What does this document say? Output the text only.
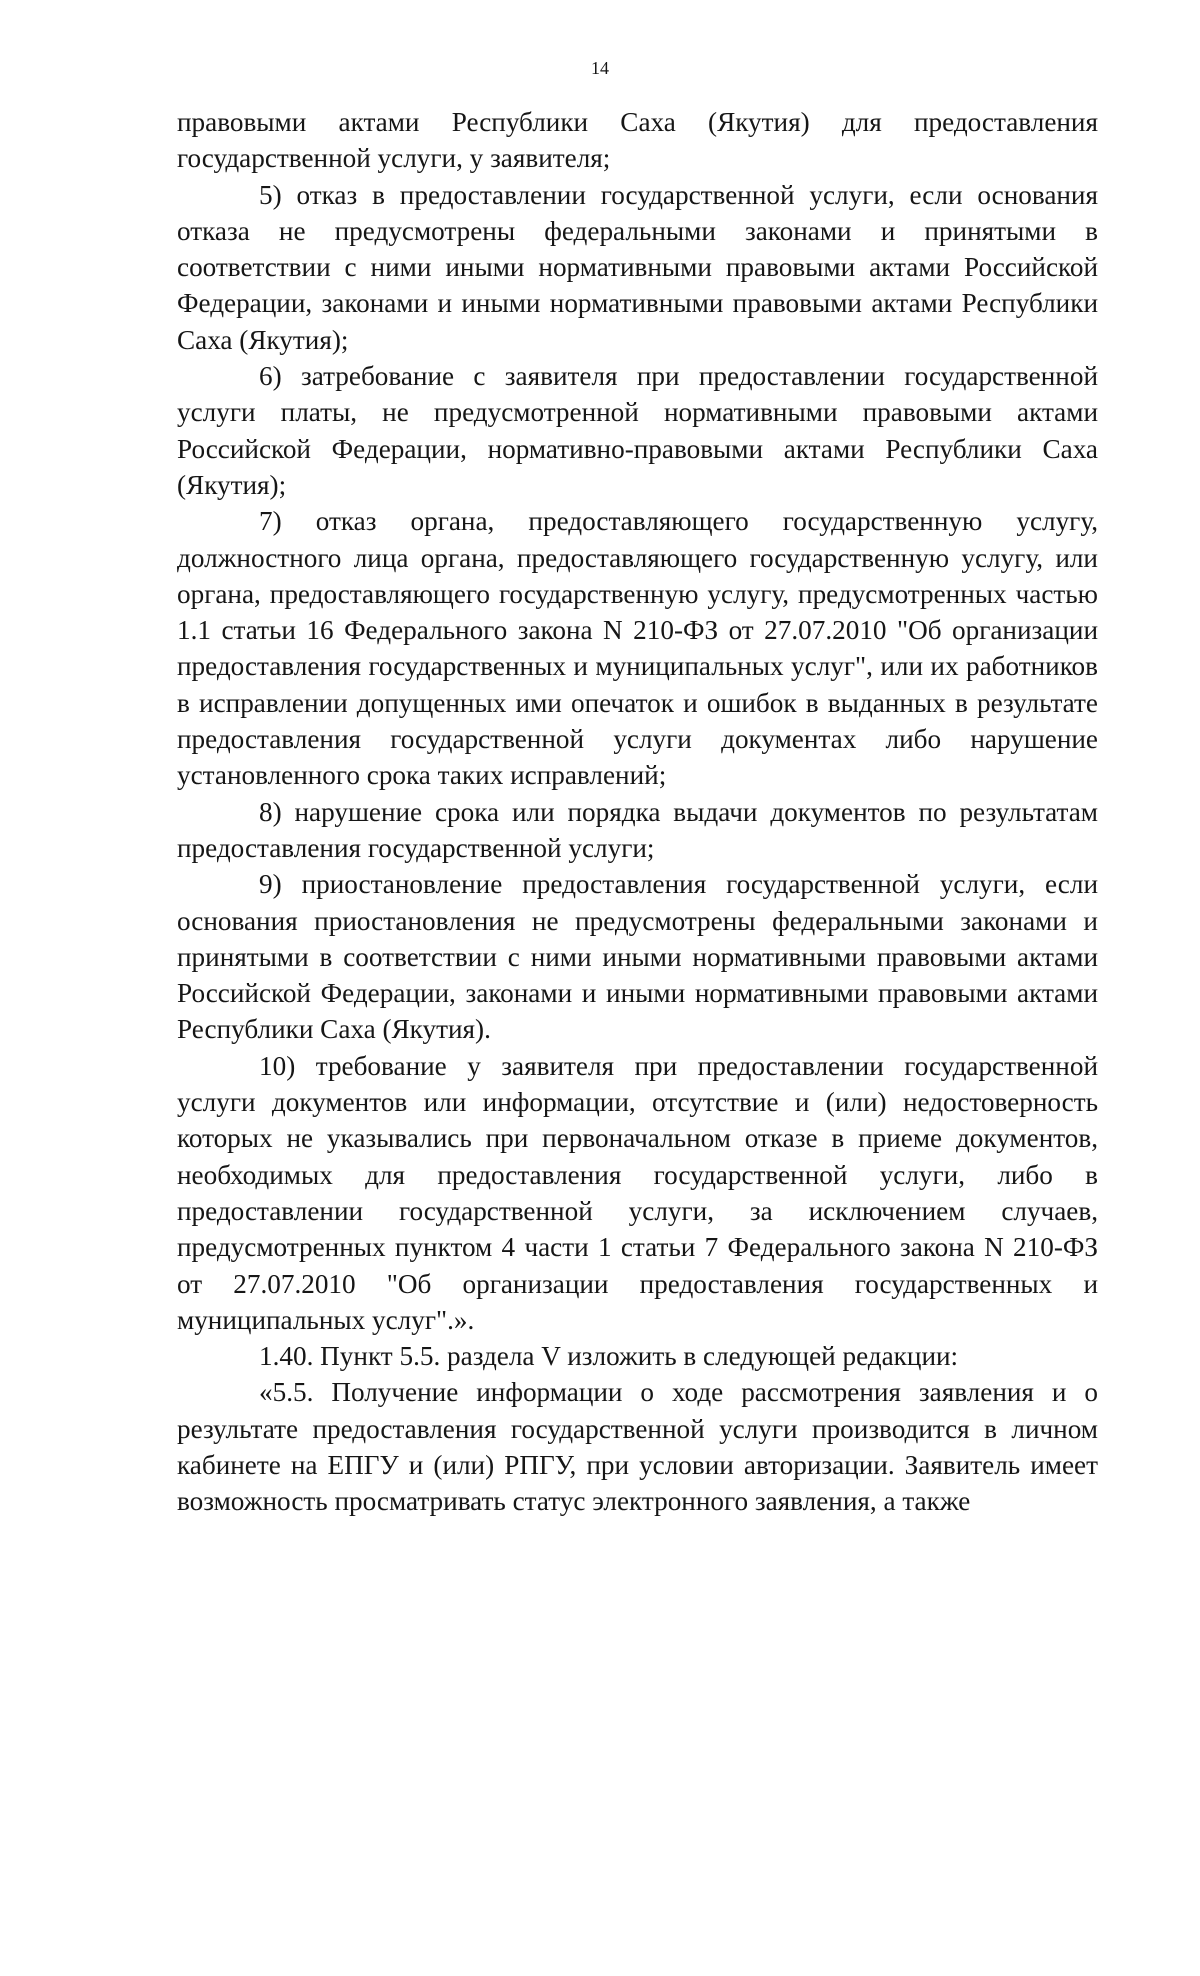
14

правовыми актами Республики Саха (Якутия) для предоставления государственной услуги, у заявителя;

5) отказ в предоставлении государственной услуги, если основания отказа не предусмотрены федеральными законами и принятыми в соответствии с ними иными нормативными правовыми актами Российской Федерации, законами и иными нормативными правовыми актами Республики Саха (Якутия);

6) затребование с заявителя при предоставлении государственной услуги платы, не предусмотренной нормативными правовыми актами Российской Федерации, нормативно-правовыми актами Республики Саха (Якутия);

7) отказ органа, предоставляющего государственную услугу, должностного лица органа, предоставляющего государственную услугу, или органа, предоставляющего государственную услугу, предусмотренных частью 1.1 статьи 16 Федерального закона N 210-ФЗ от 27.07.2010 "Об организации предоставления государственных и муниципальных услуг", или их работников в исправлении допущенных ими опечаток и ошибок в выданных в результате предоставления государственной услуги документах либо нарушение установленного срока таких исправлений;

8) нарушение срока или порядка выдачи документов по результатам предоставления государственной услуги;

9) приостановление предоставления государственной услуги, если основания приостановления не предусмотрены федеральными законами и принятыми в соответствии с ними иными нормативными правовыми актами Российской Федерации, законами и иными нормативными правовыми актами Республики Саха (Якутия).

10) требование у заявителя при предоставлении государственной услуги документов или информации, отсутствие и (или) недостоверность которых не указывались при первоначальном отказе в приеме документов, необходимых для предоставления государственной услуги, либо в предоставлении государственной услуги, за исключением случаев, предусмотренных пунктом 4 части 1 статьи 7 Федерального закона N 210-ФЗ от 27.07.2010 "Об организации предоставления государственных и муниципальных услуг".».

1.40. Пункт 5.5. раздела V изложить в следующей редакции:

«5.5. Получение информации о ходе рассмотрения заявления и о результате предоставления государственной услуги производится в личном кабинете на ЕПГУ и (или) РПГУ, при условии авторизации. Заявитель имеет возможность просматривать статус электронного заявления, а также
